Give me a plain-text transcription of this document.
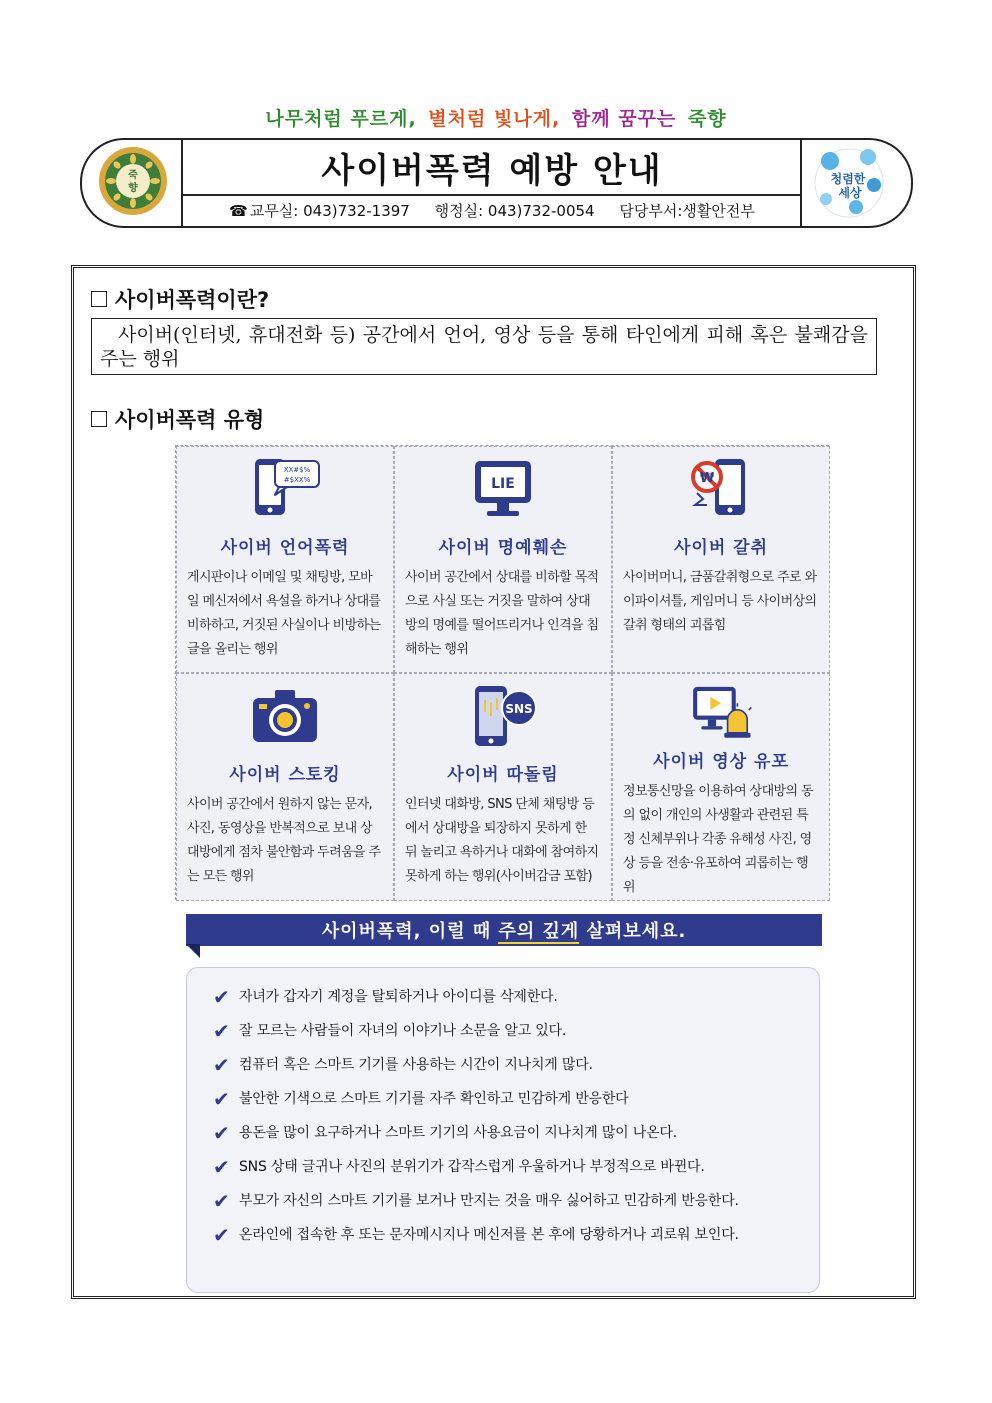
나무처럼 푸르게, 별처럼 빛나게, 함께 꿈꾸는 죽향
죽
향	사이버폭력 예방 안내
☎ 교무실: 043)732-1397 행정실: 043)732-0054 담당부서:생활안전부
청렴한
세상
사이버폭력이란?
사이버(인터넷, 휴대전화 등) 공간에서 언어, 영상 등을 통해 타인에게 피해 혹은 불쾌감을 주는 행위
사이버폭력 유형
XX#$%
#$XX%
사이버 언어폭력
게시판이나 이메일 및 채팅방, 모바일 메신저에서 욕설을 하거나 상대를 비하하고, 거짓된 사실이나 비방하는 글을 올리는 행위
LIE
사이버 명예훼손
사이버 공간에서 상대를 비하할 목적으로 사실 또는 거짓을 말하여 상대방의 명예를 떨어뜨리거나 인격을 침해하는 행위
₩
사이버 갈취
사이버머니, 금품갈취형으로 주로 와이파이셔틀, 게임머니 등 사이버상의 갈취 형태의 괴롭힘
사이버 스토킹
사이버 공간에서 원하지 않는 문자, 사진, 동영상을 반복적으로 보내 상대방에게 점차 불안함과 두려움을 주는 모든 행위
SNS
사이버 따돌림
인터넷 대화방, SNS 단체 채팅방 등에서 상대방을 퇴장하지 못하게 한 뒤 놀리고 욕하거나 대화에 참여하지 못하게 하는 행위(사이버감금 포함)
사이버 영상 유포
정보통신망을 이용하여 상대방의 동의 없이 개인의 사생활과 관련된 특정 신체부위나 각종 유해성 사진, 영상 등을 전송·유포하여 괴롭히는 행위
사이버폭력, 이럴 때 주의 깊게 살펴보세요.
✔ 자녀가 갑자기 계정을 탈퇴하거나 아이디를 삭제한다.
✔ 잘 모르는 사람들이 자녀의 이야기나 소문을 알고 있다.
✔ 컴퓨터 혹은 스마트 기기를 사용하는 시간이 지나치게 많다.
✔ 불안한 기색으로 스마트 기기를 자주 확인하고 민감하게 반응한다
✔ 용돈을 많이 요구하거나 스마트 기기의 사용요금이 지나치게 많이 나온다.
✔ SNS 상태 글귀나 사진의 분위기가 갑작스럽게 우울하거나 부정적으로 바뀐다.
✔ 부모가 자신의 스마트 기기를 보거나 만지는 것을 매우 싫어하고 민감하게 반응한다.
✔ 온라인에 접속한 후 또는 문자메시지나 메신저를 본 후에 당황하거나 괴로워 보인다.
